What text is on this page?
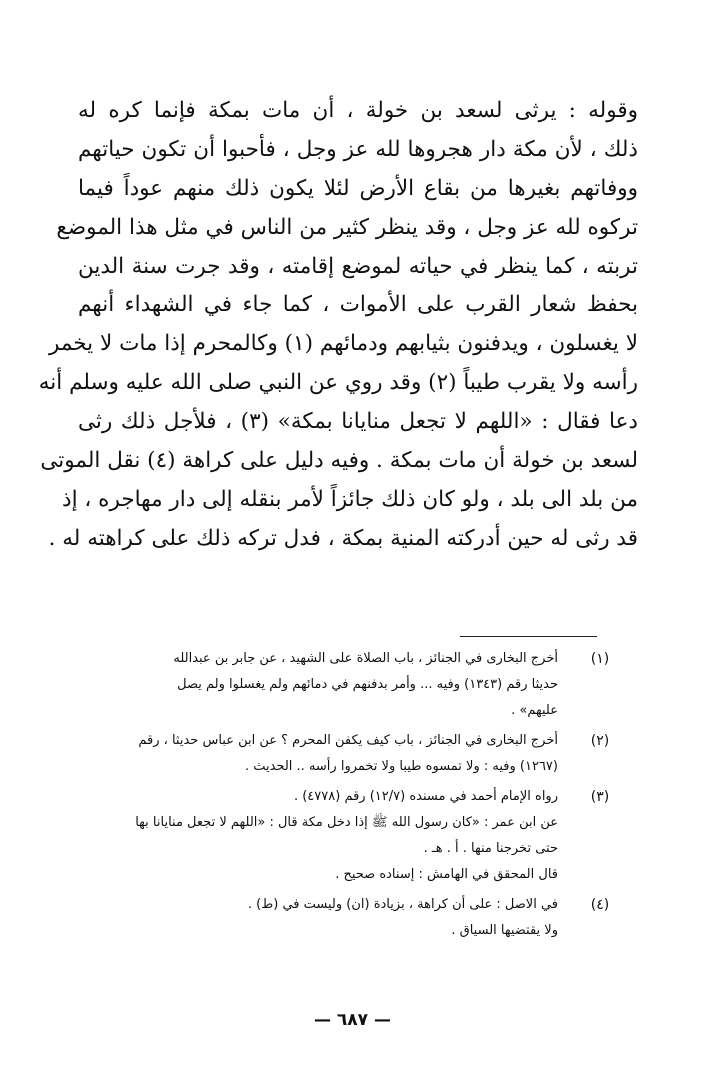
وقوله : يرثى لسعد بن خولة ، أن مات بمكة فإنما كره له
ذلك ، لأن مكة دار هجروها لله عز وجل ، فأحبوا أن تكون حياتهم
ووفاتهم بغيرها من بقاع الأرض لئلا يكون ذلك منهم عوداً فيما
تركوه لله عز وجل ، وقد ينظر كثير من الناس في مثل هذا الموضع
تربته ، كما ينظر في حياته لموضع إقامته ، وقد جرت سنة الدين
بحفظ شعار القرب على الأموات ، كما جاء في الشهداء أنهم
لا يغسلون ، ويدفنون بثيابهم ودمائهم (١) وكالمحرم إذا مات لا يخمر
رأسه ولا يقرب طيباً (٢) وقد روي عن النبي صلى الله عليه وسلم أنه
دعا فقال : «اللهم لا تجعل منايانا بمكة» (٣) ، فلأجل ذلك رثى
لسعد بن خولة أن مات بمكة . وفيه دليل على كراهة (٤) نقل الموتى
من بلد الى بلد ، ولو كان ذلك جائزاً لأمر بنقله إلى دار مهاجره ، إذ
قد رثى له حين أدركته المنية بمكة ، فدل تركه ذلك على كراهته له .
(١)
أخرج البخارى في الجنائز ، باب الصلاة على الشهيد ، عن جابر بن عبدالله
حديثا رقم (١٣٤٣) وفيه ... وأمر بدفنهم في دمائهم ولم يغسلوا ولم يصل
عليهم» .
(٢)
أخرج البخارى في الجنائز ، باب كيف يكفن المحرم ؟ عن ابن عباس حديثا ، رقم
(١٢٦٧) وفيه : ولا تمسوه طيبا ولا تخمروا رأسه .. الحديث .
(٣)
رواه الإمام أحمد في مسنده (١٢/٧) رقم (٤٧٧٨) .
عن ابن عمر : «كان رسول الله ﷺ إذا دخل مكة قال : «اللهم لا تجعل منايانا بها
حتى تخرجنا منها . أ . هـ .
قال المحقق في الهامش : إسناده صحيح .
(٤)
في الاصل : على أن كراهة ، بزيادة (ان) وليست في (ط) .
ولا يقتضيها السياق .
— ٦٨٧ —
